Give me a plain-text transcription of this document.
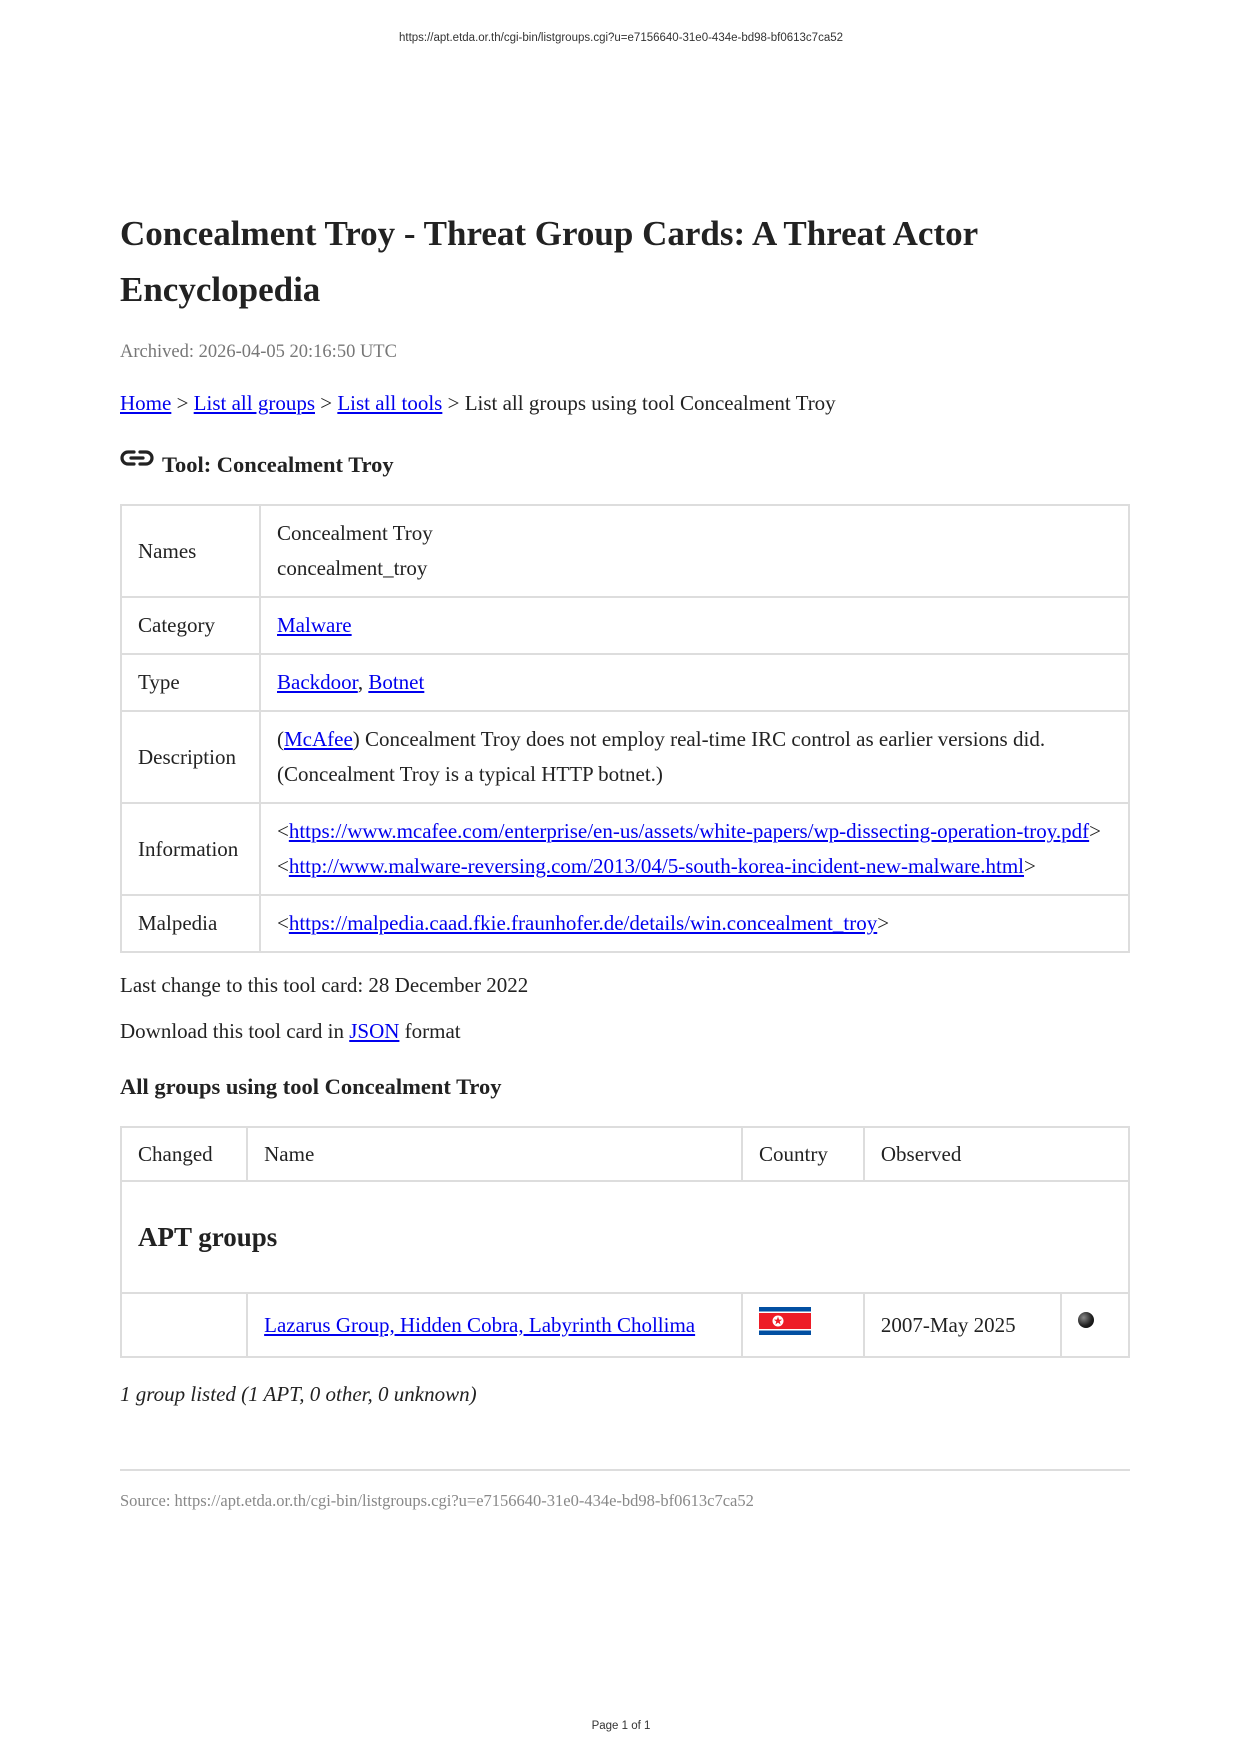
https://apt.etda.or.th/cgi-bin/listgroups.cgi?u=e7156640-31e0-434e-bd98-bf0613c7ca52
Concealment Troy - Threat Group Cards: A Threat Actor Encyclopedia
Archived: 2026-04-05 20:16:50 UTC
Home > List all groups > List all tools > List all groups using tool Concealment Troy
Tool: Concealment Troy
Names	Concealment Troy
concealment_troy

Category	Malware
Type	Backdoor, Botnet
Description	(McAfee) Concealment Troy does not employ real-time IRC control as earlier versions did. (Concealment Troy is a typical HTTP botnet.)
Information	<https://www.mcafee.com/enterprise/en-us/assets/white-papers/wp-dissecting-operation-troy.pdf>
<http://www.malware-reversing.com/2013/04/5-south-korea-incident-new-malware.html>

Malpedia	<https://malpedia.caad.fkie.fraunhofer.de/details/win.concealment_troy>
Last change to this tool card: 28 December 2022
Download this tool card in JSON format
All groups using tool Concealment Troy
Changed	Name	Country	Observed	
APT groups				
	Lazarus Group, Hidden Cobra, Labyrinth Chollima		2007-May 2025	
1 group listed (1 APT, 0 other, 0 unknown)
Source: https://apt.etda.or.th/cgi-bin/listgroups.cgi?u=e7156640-31e0-434e-bd98-bf0613c7ca52
Page 1 of 1
